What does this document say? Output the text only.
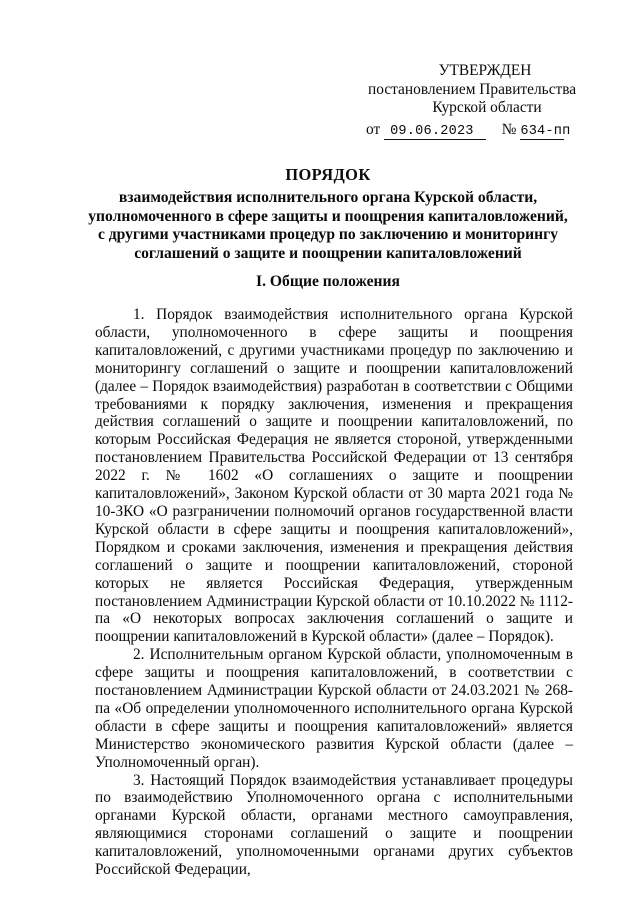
УТВЕРЖДЕН
постановлением Правительства
Курской области
от 09.06.2023 № 634-пп
ПОРЯДОК
взаимодействия исполнительного органа Курской области,
уполномоченного в сфере защиты и поощрения капиталовложений,
с другими участниками процедур по заключению и мониторингу
соглашений о защите и поощрении капиталовложений
I. Общие положения

1. Порядок взаимодействия исполнительного органа Курской области, уполномоченного в сфере защиты и поощрения капиталовложений, с другими участниками процедур по заключению и мониторингу соглашений о защите и поощрении капиталовложений (далее – Порядок взаимодействия) разработан в соответствии с Общими требованиями к порядку заключения, изменения и прекращения действия соглашений о защите и поощрении капиталовложений, по которым Российская Федерация не является стороной, утвержденными постановлением Правительства Российской Федерации от 13 сентября 2022 г. № 1602 «О соглашениях о защите и поощрении капиталовложений», Законом Курской области от 30 марта 2021 года № 10-ЗКО «О разграничении полномочий органов государственной власти Курской области в сфере защиты и поощрения капиталовложений», Порядком и сроками заключения, изменения и прекращения действия соглашений о защите и поощрении капиталовложений, стороной которых не является Российская Федерация, утвержденным постановлением Администрации Курской области от 10.10.2022 № 1112-па «О некоторых вопросах заключения соглашений о защите и поощрении капиталовложений в Курской области» (далее – Порядок).

2. Исполнительным органом Курской области, уполномоченным в сфере защиты и поощрения капиталовложений, в соответствии с постановлением Администрации Курской области от 24.03.2021 № 268-па «Об определении уполномоченного исполнительного органа Курской области в сфере защиты и поощрения капиталовложений» является Министерство экономического развития Курской области (далее – Уполномоченный орган).

3. Настоящий Порядок взаимодействия устанавливает процедуры по взаимодействию Уполномоченного органа с исполнительными органами Курской области, органами местного самоуправления, являющимися сторонами соглашений о защите и поощрении капиталовложений, уполномоченными органами других субъектов Российской Федерации,
